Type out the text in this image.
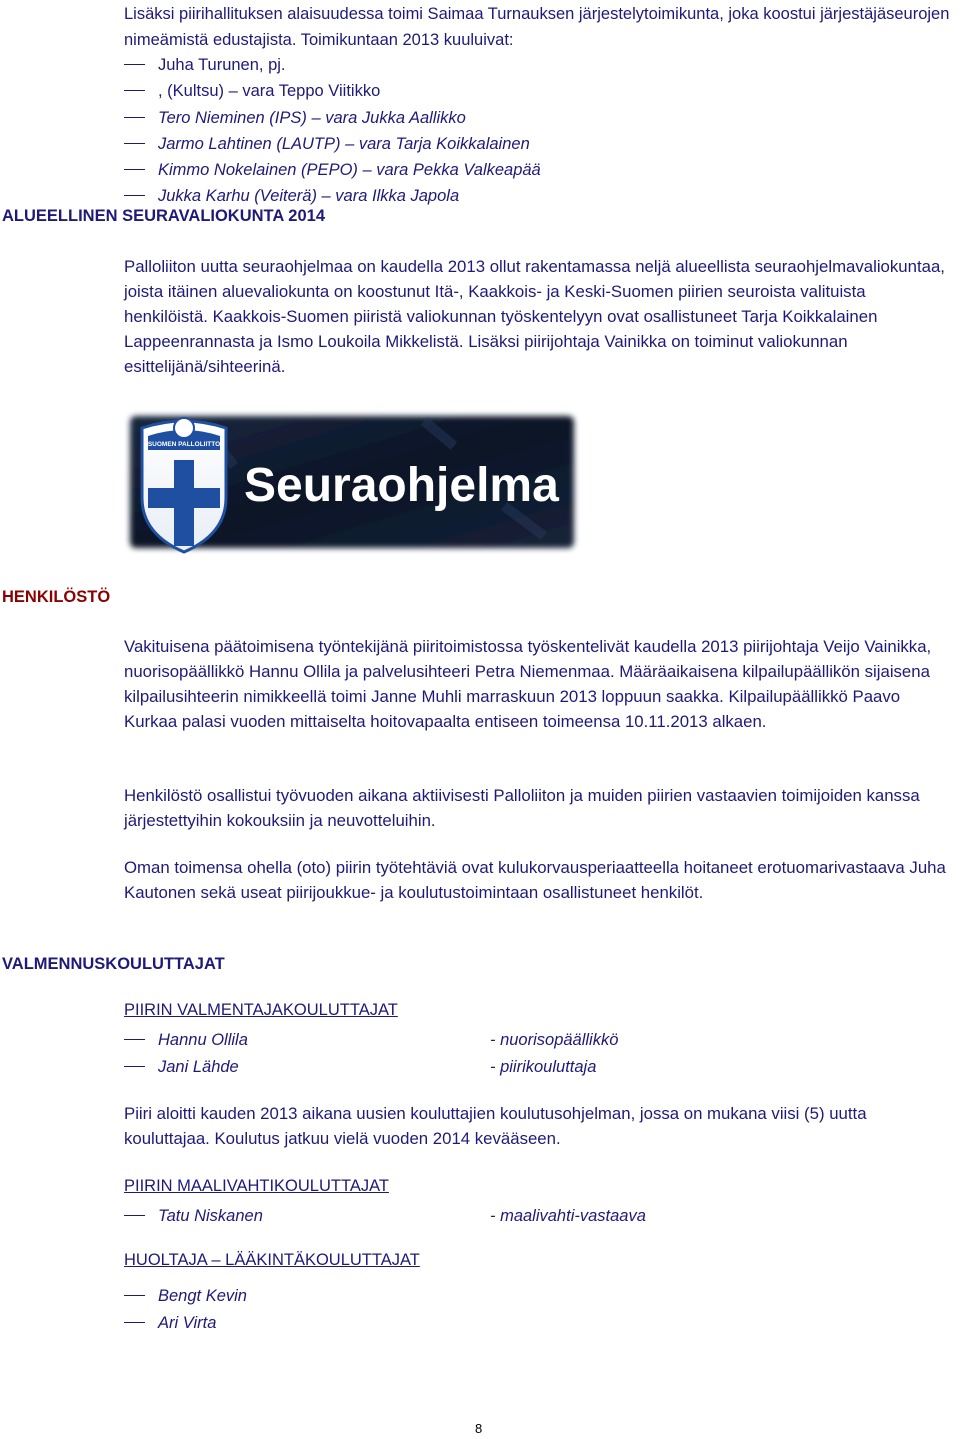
Lisäksi piirihallituksen alaisuudessa toimi Saimaa Turnauksen järjestelytoimikunta, joka koostui järjestäjäseurojen nimeämistä edustajista. Toimikuntaan 2013 kuuluivat:

Juha Turunen, pj.
, (Kultsu) – vara Teppo Viitikko
Tero Nieminen (IPS) – vara Jukka Aallikko
Jarmo Lahtinen (LAUTP) – vara Tarja Koikkalainen
Kimmo Nokelainen (PEPO) – vara Pekka Valkeapää
Jukka Karhu (Veiterä) – vara Ilkka Japola
ALUEELLINEN SEURAVALIOKUNTA 2014

Palloliiton uutta seuraohjelmaa on kaudella 2013 ollut rakentamassa neljä alueellista seuraohjelmavaliokuntaa, joista itäinen aluevaliokunta on koostunut Itä-, Kaakkois- ja Keski-Suomen piirien seuroista valituista henkilöistä. Kaakkois-Suomen piiristä valiokunnan työskentelyyn ovat osallistuneet Tarja Koikkalainen Lappeenrannasta ja Ismo Loukoila Mikkelistä. Lisäksi piirijohtaja Vainikka on toiminut valiokunnan esittelijänä/sihteerinä.

SUOMEN PALLOLIITTO
Seuraohjelma
HENKILÖSTÖ

Vakituisena päätoimisena työntekijänä piiritoimistossa työskentelivät kaudella 2013 piirijohtaja Veijo Vainikka, nuorisopäällikkö Hannu Ollila ja palvelusihteeri Petra Niemenmaa. Määräaikaisena kilpailupäällikön sijaisena kilpailusihteerin nimikkeellä toimi Janne Muhli marraskuun 2013 loppuun saakka. Kilpailupäällikkö Paavo Kurkaa palasi vuoden mittaiselta hoitovapaalta entiseen toimeensa 10.11.2013 alkaen.

Henkilöstö osallistui työvuoden aikana aktiivisesti Palloliiton ja muiden piirien vastaavien toimijoiden kanssa järjestettyihin kokouksiin ja neuvotteluihin.

Oman toimensa ohella (oto) piirin työtehtäviä ovat kulukorvausperiaatteella hoitaneet erotuomarivastaava Juha Kautonen sekä useat piirijoukkue- ja koulutustoimintaan osallistuneet henkilöt.

VALMENNUSKOULUTTAJAT

PIIRIN VALMENTAJAKOULUTTAJAT

Hannu Ollila	- nuorisopäällikkö
Jani Lähde	- piirikouluttaja

Piiri aloitti kauden 2013 aikana uusien kouluttajien koulutusohjelman, jossa on mukana viisi (5) uutta kouluttajaa. Koulutus jatkuu vielä vuoden 2014 kevääseen.

PIIRIN MAALIVAHTIKOULUTTAJAT

Tatu Niskanen	- maalivahti-vastaava

HUOLTAJA – LÄÄKINTÄKOULUTTAJAT

Bengt Kevin
Ari Virta
8
